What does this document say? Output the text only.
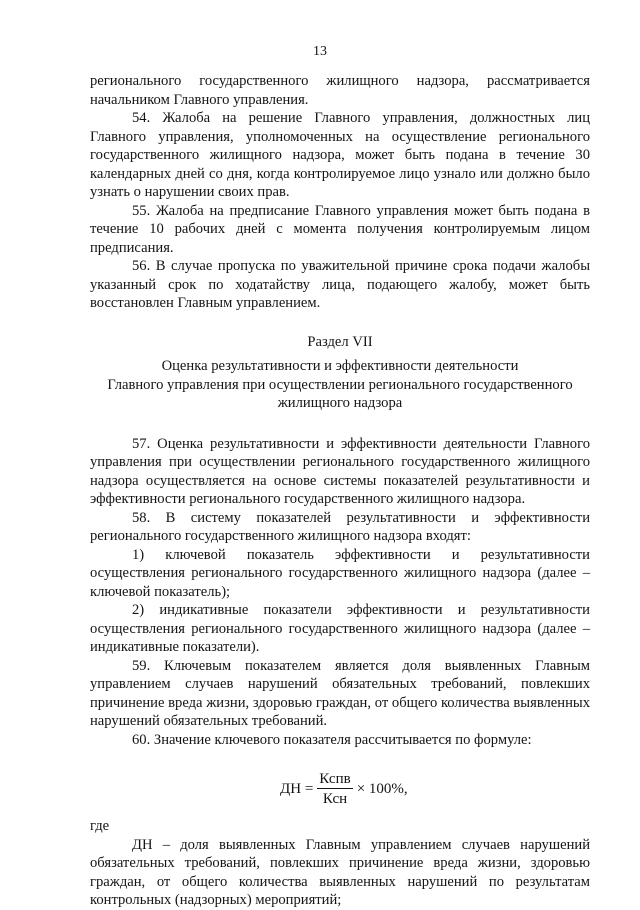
13

регионального государственного жилищного надзора, рассматривается начальником Главного управления.

54. Жалоба на решение Главного управления, должностных лиц Главного управления, уполномоченных на осуществление регионального государственного жилищного надзора, может быть подана в течение 30 календарных дней со дня, когда контролируемое лицо узнало или должно было узнать о нарушении своих прав.

55. Жалоба на предписание Главного управления может быть подана в течение 10 рабочих дней с момента получения контролируемым лицом предписания.

56. В случае пропуска по уважительной причине срока подачи жалобы указанный срок по ходатайству лица, подающего жалобу, может быть восстановлен Главным управлением.

Раздел VII
Оценка результативности и эффективности деятельности
Главного управления при осуществлении регионального государственного
жилищного надзора

57. Оценка результативности и эффективности деятельности Главного управления при осуществлении регионального государственного жилищного надзора осуществляется на основе системы показателей результативности и эффективности регионального государственного жилищного надзора.

58. В систему показателей результативности и эффективности регионального государственного жилищного надзора входят:

1) ключевой показатель эффективности и результативности осуществления регионального государственного жилищного надзора (далее – ключевой показатель);

2) индикативные показатели эффективности и результативности осуществления регионального государственного жилищного надзора (далее – индикативные показатели).

59. Ключевым показателем является доля выявленных Главным управлением случаев нарушений обязательных требований, повлекших причинение вреда жизни, здоровью граждан, от общего количества выявленных нарушений обязательных требований.

60. Значение ключевого показателя рассчитывается по формуле:

ДН = $\frac{\text{Кспв}}{\text{Ксн}} \times 100\%$,

где

ДН – доля выявленных Главным управлением случаев нарушений обязательных требований, повлекших причинение вреда жизни, здоровью граждан, от общего количества выявленных нарушений по результатам контрольных (надзорных) мероприятий;
